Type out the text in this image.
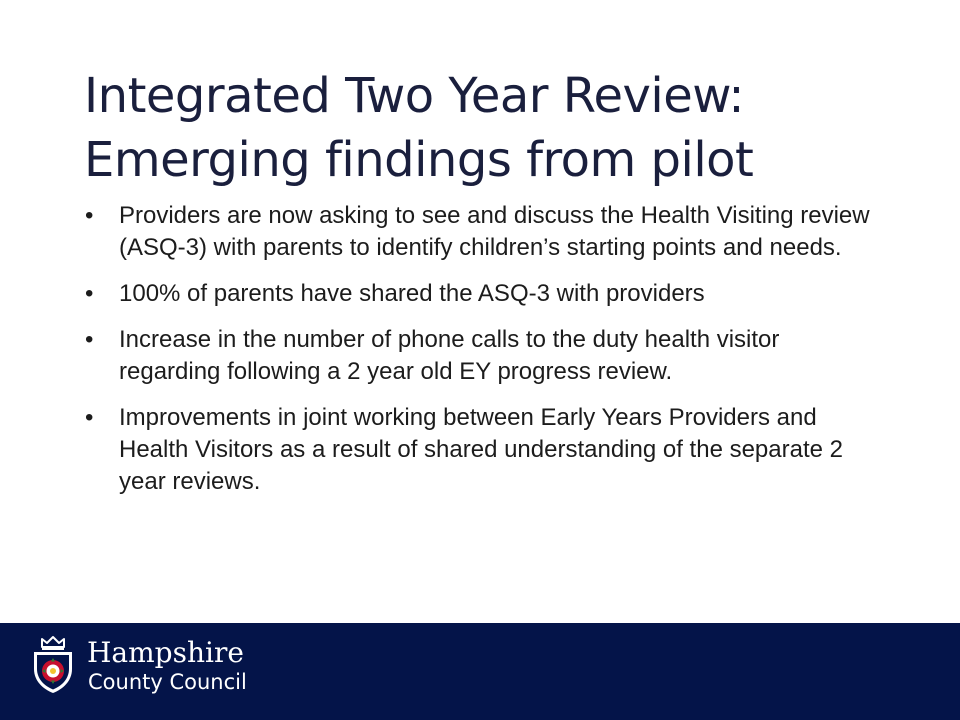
Integrated Two Year Review:
Emerging findings from pilot
• Providers are now asking to see and discuss the Health Visiting review (ASQ-3) with parents to identify children’s starting points and needs.
• 100% of parents have shared the ASQ-3 with providers
• Increase in the number of phone calls to the duty health visitor regarding following a 2 year old EY progress review.
• Improvements in joint working between Early Years Providers and Health Visitors as a result of shared understanding of the separate 2 year reviews.
Hampshire
County Council
